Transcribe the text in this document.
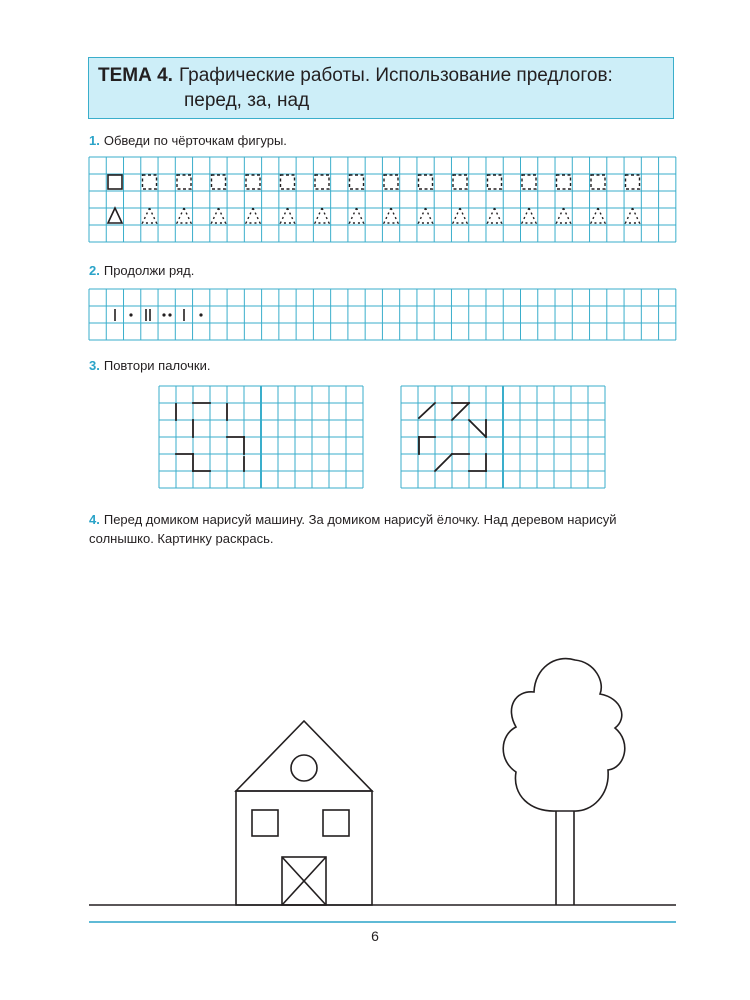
ТЕМА 4. Графические работы. Использование предлогов:
перед, за, над
1. Обведи по чёрточкам фигуры.
2. Продолжи ряд.
3. Повтори палочки.
4. Перед домиком нарисуй машину. За домиком нарисуй ёлочку. Над деревом нарисуй
солнышко. Картинку раскрась.
6
